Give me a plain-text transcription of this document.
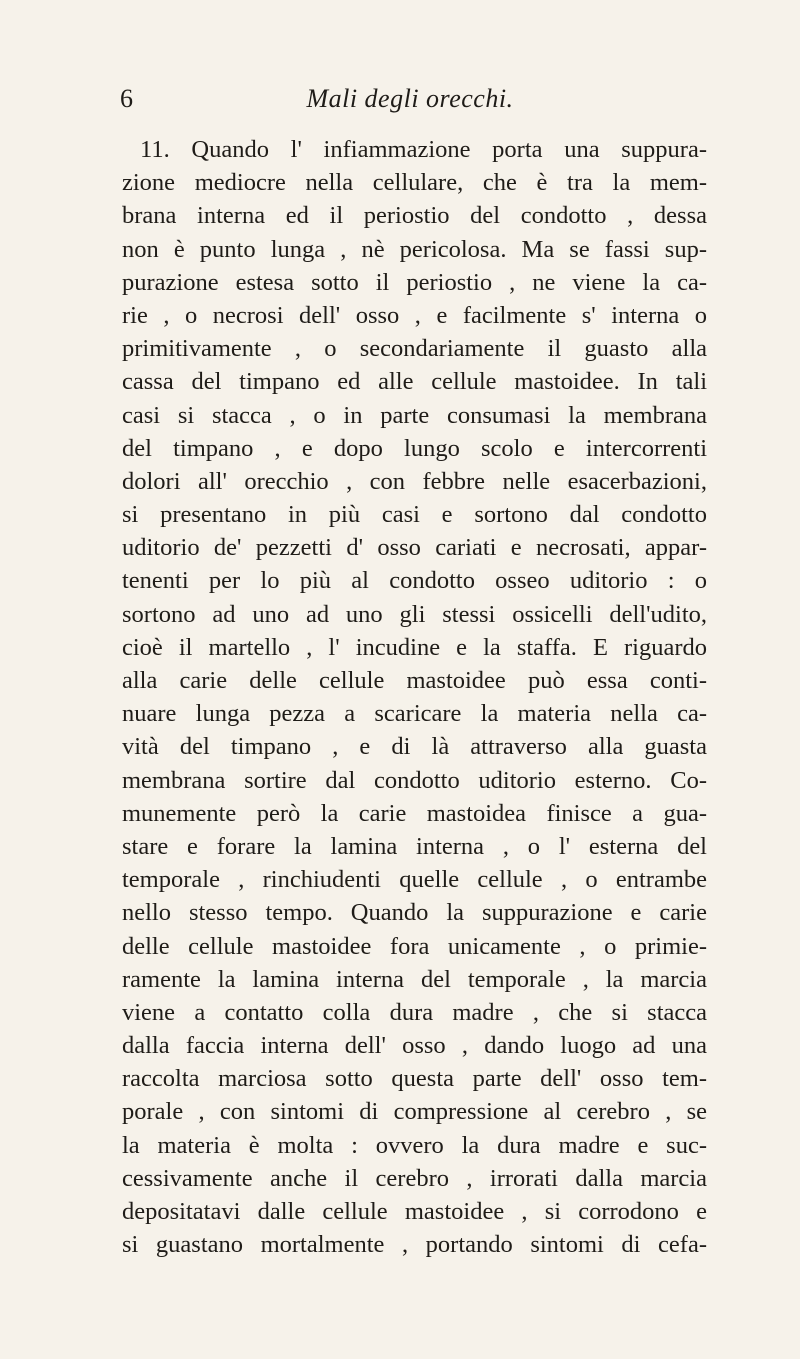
6	Mali degli orecchi.
11. Quando l' infiammazione porta una suppura-
zione mediocre nella cellulare, che è tra la mem-
brana interna ed il periostio del condotto , dessa
non è punto lunga , nè pericolosa. Ma se fassi sup-
purazione estesa sotto il periostio , ne viene la ca-
rie , o necrosi dell' osso , e facilmente s' interna o
primitivamente , o secondariamente il guasto alla
cassa del timpano ed alle cellule mastoidee. In tali
casi si stacca , o in parte consumasi la membrana
del timpano , e dopo lungo scolo e intercorrenti
dolori all' orecchio , con febbre nelle esacerbazioni,
si presentano in più casi e sortono dal condotto
uditorio de' pezzetti d' osso cariati e necrosati, appar-
tenenti per lo più al condotto osseo uditorio : o
sortono ad uno ad uno gli stessi ossicelli dell'udito,
cioè il martello , l' incudine e la staffa. E riguardo
alla carie delle cellule mastoidee può essa conti-
nuare lunga pezza a scaricare la materia nella ca-
vità del timpano , e di là attraverso alla guasta
membrana sortire dal condotto uditorio esterno. Co-
munemente però la carie mastoidea finisce a gua-
stare e forare la lamina interna , o l' esterna del
temporale , rinchiudenti quelle cellule , o entrambe
nello stesso tempo. Quando la suppurazione e carie
delle cellule mastoidee fora unicamente , o primie-
ramente la lamina interna del temporale , la marcia
viene a contatto colla dura madre , che si stacca
dalla faccia interna dell' osso , dando luogo ad una
raccolta marciosa sotto questa parte dell' osso tem-
porale , con sintomi di compressione al cerebro , se
la materia è molta : ovvero la dura madre e suc-
cessivamente anche il cerebro , irrorati dalla marcia
depositatavi dalle cellule mastoidee , si corrodono e
si guastano mortalmente , portando sintomi di cefa-
